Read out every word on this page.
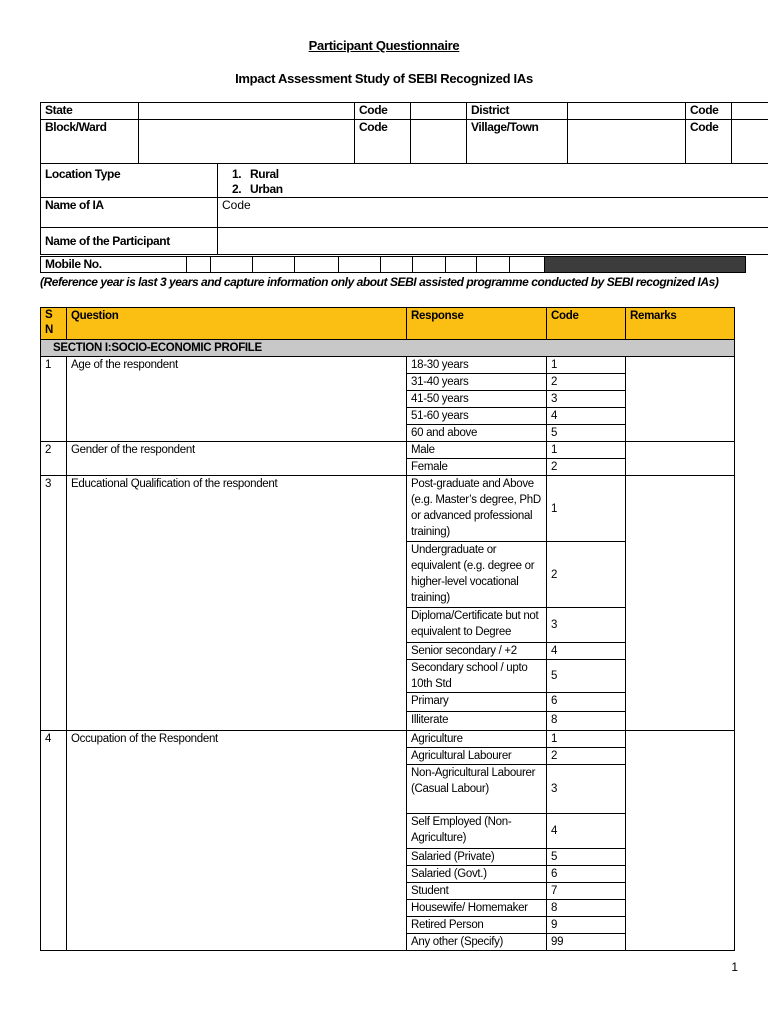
Participant Questionnaire
Impact Assessment Study of SEBI Recognized IAs
State			Code		District		Code	
Block/Ward			Code		Village/Town		Code	
Location Type		1.   Rural
2.   Urban						

Name of IA		Code						
Name of the Participant								
Mobile No.											
(Reference year is last 3 years and capture information only about SEBI assisted programme conducted by SEBI recognized IAs)
S
N	Question	Response	Code	Remarks
SECTION I:SOCIO-ECONOMIC PROFILE				
1	Age of the respondent	18-30 years	1	
		31-40 years	2	
		41-50 years	3	
		51-60 years	4	
		60 and above	5	
2	Gender of the respondent	Male	1	
		Female	2	
3	Educational Qualification of the respondent	Post-graduate and Above (e.g. Master’s degree, PhD or advanced professional training)	1	
		Undergraduate or equivalent (e.g. degree or higher-level vocational training)	2	
		Diploma/Certificate but not equivalent to Degree	3	
		Senior secondary / +2	4	
		Secondary school / upto 10th Std	5	
		Primary	6	
		Illiterate	8	
4	Occupation of the Respondent	Agriculture	1	
		Agricultural Labourer	2	
		Non-Agricultural Labourer (Casual Labour)	3	
		Self Employed (Non-Agriculture)	4	
		Salaried (Private)	5	
		Salaried (Govt.)	6	
		Student	7	
		Housewife/ Homemaker	8	
		Retired Person	9	
		Any other (Specify)	99	
1
